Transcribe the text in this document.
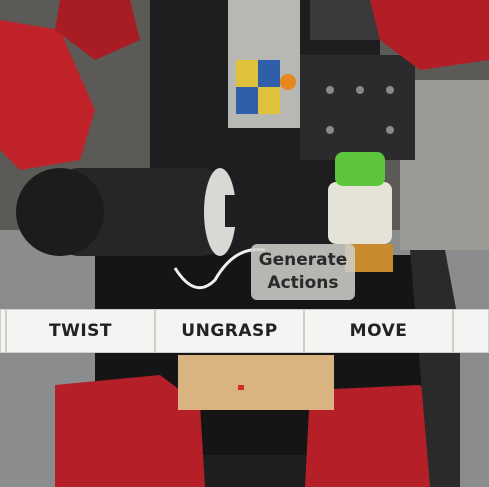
Generate
Actions
TWIST	UNGRASP	MOVE
